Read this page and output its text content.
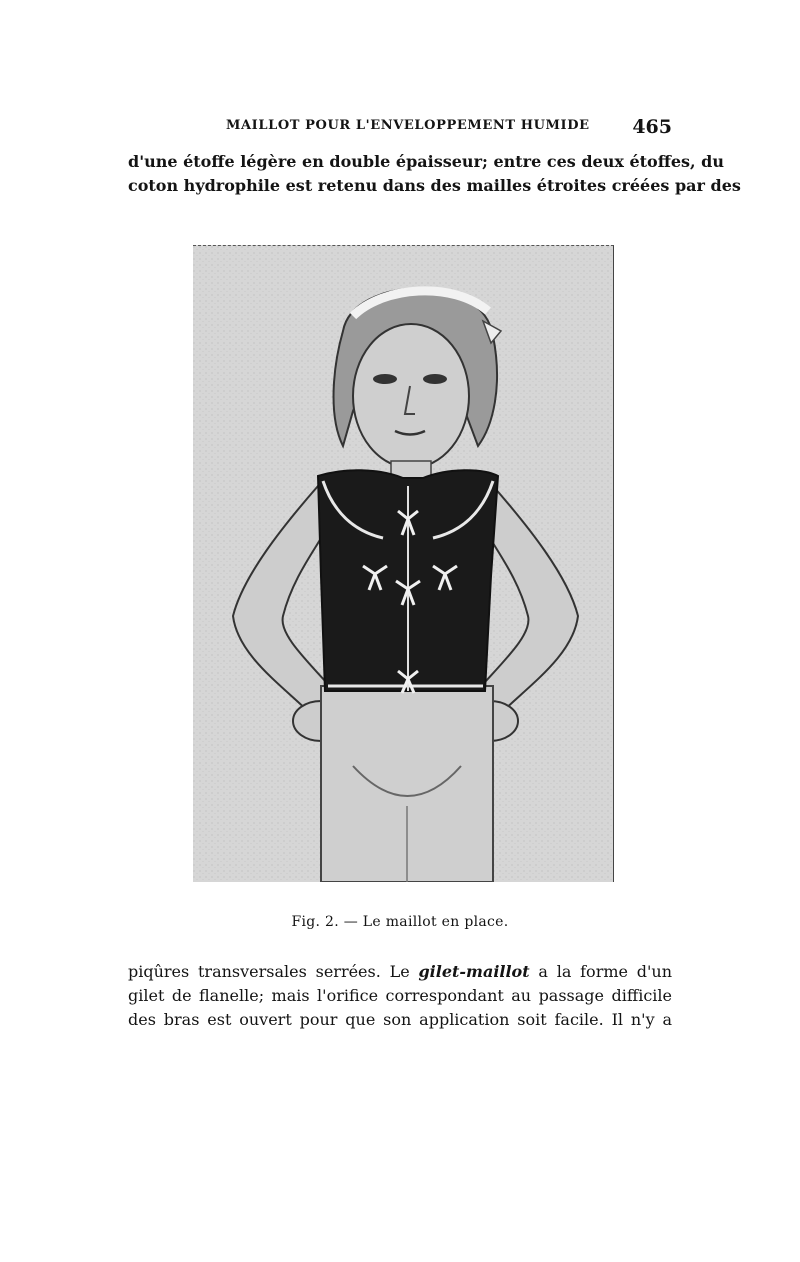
MAILLOT POUR L'ENVELOPPEMENT HUMIDE 465
d'une étoffe légère en double épaisseur; entre ces deux étoffes, du
coton hydrophile est retenu dans des mailles étroites créées par des
Fig. 2. — Le maillot en place.
piqûres transversales serrées. Le gilet-maillot a la forme d'un
gilet de flanelle; mais l'orifice correspondant au passage difficile
des bras est ouvert pour que son application soit facile. Il n'y a
